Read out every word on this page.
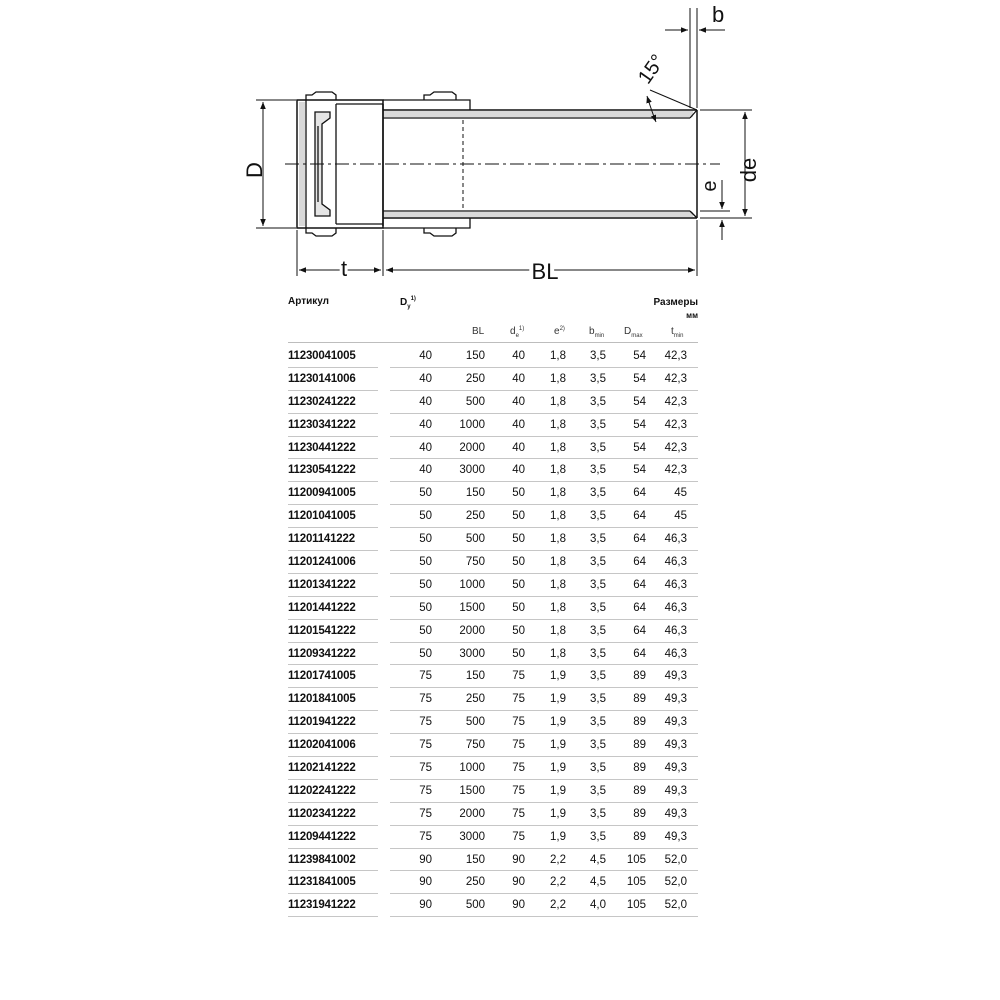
D
t	BL
b
15°
de
e
Артикул	$D_y^{1)}$	Размеры
мм
BL	$d_e^{1)}$	$e^{2)}$ $b_{min}$ $D_{max}$	$t_{min}$
11230041005	40	150 40 1,8 3,5 54 42,3
11230141006	40	250 40 1,8 3,5 54 42,3
11230241222	40	500 40 1,8 3,5 54 42,3
11230341222	40 1000 40 1,8 3,5 54 42,3
11230441222	40 2000 40 1,8 3,5 54 42,3
11230541222	40 3000 40 1,8 3,5 54 42,3
11200941005	50	150 50 1,8 3,5 64 45
11201041005	50	250 50 1,8 3,5 64 45
11201141222	50	500 50 1,8 3,5 64 46,3
11201241006	50	750 50 1,8 3,5 64 46,3
11201341222	50 1000 50 1,8 3,5 64 46,3
11201441222	50 1500 50 1,8 3,5 64 46,3
11201541222	50 2000 50 1,8 3,5 64 46,3
11209341222	50 3000 50 1,8 3,5 64 46,3
11201741005	75	150 75 1,9 3,5 89 49,3
11201841005	75	250 75 1,9 3,5 89 49,3
11201941222	75	500 75 1,9 3,5 89 49,3
11202041006	75	750 75 1,9 3,5 89 49,3
11202141222	75 1000 75 1,9 3,5 89 49,3
11202241222	75 1500 75 1,9 3,5 89 49,3
11202341222	75 2000 75 1,9 3,5 89 49,3
11209441222	75 3000 75 1,9 3,5 89 49,3
11239841002	90	150 90 2,2 4,5 105 52,0
11231841005	90	250 90 2,2 4,5 105 52,0
11231941222	90	500 90 2,2 4,0 105 52,0
